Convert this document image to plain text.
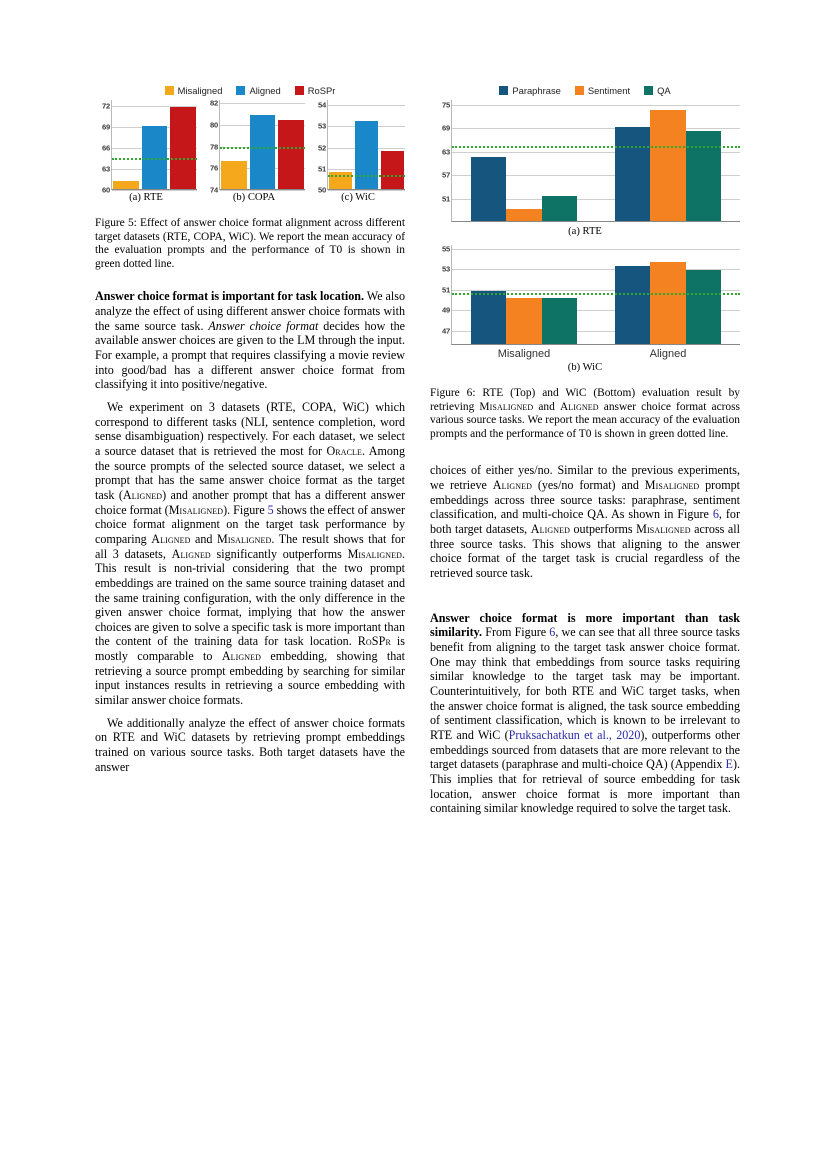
Misaligned	Aligned	RoSPr
60
63
66
69
72
(a) RTE
74
76
78
80
82
(b) COPA
50
51
52
53
54
(c) WiC

Figure 5: Effect of answer choice format alignment across different target datasets (RTE, COPA, WiC). We report the mean accuracy of the evaluation prompts and the performance of T0 is shown in green dotted line.

Answer choice format is important for task location. We also analyze the effect of using different answer choice formats with the same source task. Answer choice format decides how the available answer choices are given to the LM through the input. For example, a prompt that requires classifying a movie review into good/bad has a different answer choice format from classifying it into positive/negative.

We experiment on 3 datasets (RTE, COPA, WiC) which correspond to different tasks (NLI, sentence completion, word sense disambiguation) respectively. For each dataset, we select a source dataset that is retrieved the most for Oracle. Among the source prompts of the selected source dataset, we select a prompt that has the same answer choice format as the target task (Aligned) and another prompt that has a different answer choice format (Misaligned). Figure 5 shows the effect of answer choice format alignment on the target task performance by comparing Aligned and Misaligned. The result shows that for all 3 datasets, Aligned significantly outperforms Misaligned. This result is non-trivial considering that the two prompt embeddings are trained on the same source training dataset and the same training configuration, with the only difference in the given answer choice format, implying that how the answer choices are given to solve a specific task is more important than the content of the training data for task location. RoSPr is mostly comparable to Aligned embedding, showing that retrieving a source prompt embedding by searching for similar input instances results in retrieving a source embedding with similar answer choice formats.

We additionally analyze the effect of answer choice formats on RTE and WiC datasets by retrieving prompt embeddings trained on various source tasks. Both target datasets have the answer

Paraphrase	Sentiment	QA
51
57
63
69
75
(a) RTE
47
49
51
53
55
Misaligned	Aligned
(b) WiC

Figure 6: RTE (Top) and WiC (Bottom) evaluation result by retrieving Misaligned and Aligned answer choice format across various source tasks. We report the mean accuracy of the evaluation prompts and the performance of T0 is shown in green dotted line.

choices of either yes/no. Similar to the previous experiments, we retrieve Aligned (yes/no format) and Misaligned prompt embeddings across three source tasks: paraphrase, sentiment classification, and multi-choice QA. As shown in Figure 6, for both target datasets, Aligned outperforms Misaligned across all three source tasks. This shows that aligning to the answer choice format of the target task is crucial regardless of the retrieved source task.

Answer choice format is more important than task similarity. From Figure 6, we can see that all three source tasks benefit from aligning to the target task answer choice format. One may think that embeddings from source tasks requiring similar knowledge to the target task may be important. Counterintuitively, for both RTE and WiC target tasks, when the answer choice format is aligned, the task source embedding of sentiment classification, which is known to be irrelevant to RTE and WiC (Pruksachatkun et al., 2020), outperforms other embeddings sourced from datasets that are more relevant to the target datasets (paraphrase and multi-choice QA) (Appendix E). This implies that for retrieval of source embedding for task location, answer choice format is more important than containing similar knowledge required to solve the target task.
